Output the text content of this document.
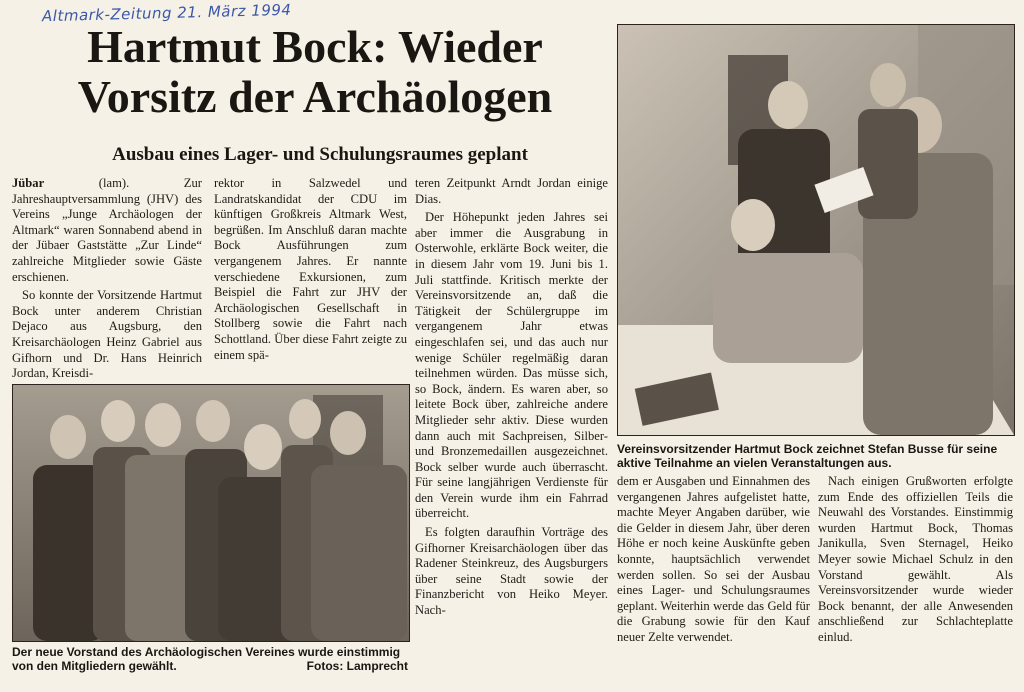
Altmark-Zeitung 21. März 1994
Hartmut Bock: Wieder Vorsitz der Archäologen
Ausbau eines Lager- und Schulungsraumes geplant

Jübar	(lam). Zur Jahreshauptversammlung (JHV) des Vereins „Junge Archäologen der Altmark“ waren Sonnabend abend in der Jübaer Gaststätte „Zur Linde“ zahlreiche Mitglieder sowie Gäste erschienen.

So konnte der Vorsitzende Hartmut Bock unter anderem Christian Dejaco aus Augsburg, den Kreisarchäologen Heinz Gabriel aus Gifhorn und Dr. Hans Heinrich Jordan, Kreisdi-

rektor in Salzwedel und Landratskandidat der CDU im künftigen Großkreis Altmark West, begrüßen. Im Anschluß daran machte Bock Ausführungen zum vergangenem Jahres. Er nannte verschiedene Exkursionen, zum Beispiel die Fahrt zur JHV der Archäologischen Gesellschaft in Stollberg sowie die Fahrt nach Schottland. Über diese Fahrt zeigte zu einem spä-

teren Zeitpunkt Arndt Jordan einige Dias.

Der Höhepunkt jeden Jahres sei aber immer die Ausgrabung in Osterwohle, erklärte Bock weiter, die in diesem Jahr vom 19. Juni bis 1. Juli stattfinde. Kritisch merkte der Vereinsvorsitzende an, daß die Tätigkeit der Schülergruppe im vergangenem Jahr etwas eingeschlafen sei, und das auch nur wenige Schüler regelmäßig daran teilnehmen würden. Das müsse sich, so Bock, ändern. Es waren aber, so leitete Bock über, zahlreiche andere Mitglieder sehr aktiv. Diese wurden dann auch mit Sachpreisen, Silber- und Bronzemedaillen ausgezeichnet. Bock selber wurde auch überrascht. Für seine langjährigen Verdienste für den Verein wurde ihm ein Fahrrad überreicht.

Es folgten daraufhin Vorträge des Gifhorner Kreisarchäologen über das Radener Steinkreuz, des Augsburgers über seine Stadt sowie der Finanzbericht von Heiko Meyer. Nach-

Der neue Vorstand des Archäologischen Vereines wurde einstimmig von den Mitgliedern gewählt.	Fotos: Lamprecht

Vereinsvorsitzender Hartmut Bock zeichnet Stefan Busse für seine aktive Teilnahme an vielen Veranstaltungen aus.

dem er Ausgaben und Einnahmen des vergangenen Jahres aufgelistet hatte, machte Meyer Angaben darüber, wie die Gelder in diesem Jahr, über deren Höhe er noch keine Auskünfte geben konnte, hauptsächlich verwendet werden sollen. So sei der Ausbau eines Lager- und Schulungsraumes geplant. Weiterhin werde das Geld für die Grabung sowie für den Kauf neuer Zelte verwendet.

Nach einigen Grußworten erfolgte zum Ende des offiziellen Teils die Neuwahl des Vorstandes. Einstimmig wurden Hartmut Bock, Thomas Janikulla, Sven Sternagel, Heiko Meyer sowie Michael Schulz in den Vorstand gewählt. Als Vereinsvorsitzender wurde wieder Bock benannt, der alle Anwesenden anschließend zur Schlachteplatte einlud.
